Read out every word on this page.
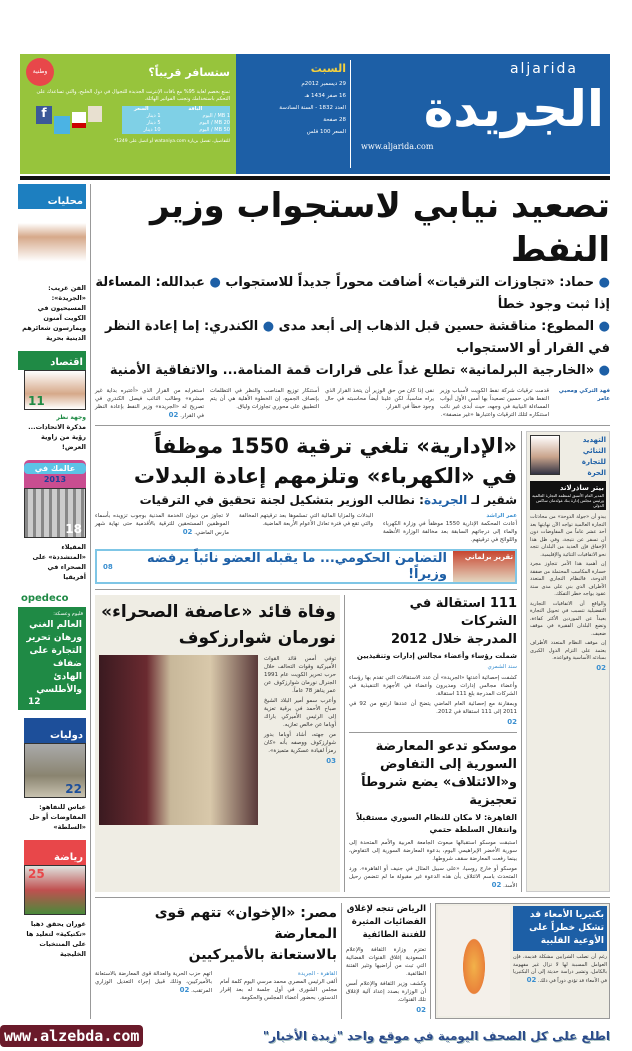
ستسافر قريباً؟
وطنية
تمتع بخصم لغاية 95% مع باقات الإنترنت الجديدة للتجوال في دول الخليج، والتي تساعدك على التحكم باستخدامك وتجنب الفواتير الهائلة.
الباقة	السعر
1 MB / اليوم	1 دينار
20 MB / اليوم	5 دينار
50 MB / اليوم	10 دينار
f
للتفاصيل، تفضل بزيارة wataniya.com أو اتصل على 1249*
السبت
29 ديسمبر 2012م
16 صفر 1434 هـ
العدد 1832 - السنة السادسة
28 صفحة
السعر 100 فلس
aljarida
الجريدة
www.aljarida.com
تصعيد نيابي لاستجواب وزير النفط
● حماد: «تجاوزات الترقيات» أضافت محوراً جديداً للاستجواب ● عبدالله: المساءلة إذا ثبت وجود خطأ
● المطوع: مناقشة حسين قبل الذهاب إلى أبعد مدى ● الكندري: إما إعادة النظر في القرار أو الاستجواب
● «الخارجية البرلمانية» تطلع غداً على قرارات قمة المنامة... والاتفاقية الأمنية
فهد التركي ومحيي عامر
قدمت ترقيات شركة نفط الكويت لأسباب وزير النفط هاني حسين تصعيداً بها أمس الأول أبواب المساءلة النيابية في وجهه، حيث أبدى غير نائب استنكاره لتلك الترقيات واعتبارها «غير منصفة».
نفى إذا كان من حق الوزير أن يتخذ القرار الذي يراه مناسباً، لكن علينا أيضاً محاسبته في حال وجود خطأ في القرار.
أستنكار توزيع المناصب والنظر في التظلمات بإنصاف الجميع، إن الخطوة الأهلية هي أن يتم التطبيق على محوري تجاوزات ولياق.
استغرابه من القرار الذي «أعتبره بداية غير مبشرة» وطالب النائب فيصل الكندري في تصريح له «الجريدة» وزير النفط بإعادة النظر في القرار. 02
التهديد الثنائي
للتجارة الحرة
بيتر ساذرلاند
المدير العام الأسبق لمنظمة التجارة العالمية ورئيس مجلس إدارة بنك غولدمان ساكس الدولي

يبدو أن «جولة الدوحة» من محادثات التجارة العالمية تواجه الآن نهايتها بعد أحد عشر عاماً من المفاوضات دون أن تسفر عن نتيجة، وفي ظل هذا الإخفاق فإن العديد من البلدان تتجه نحو الاتفاقيات الثنائية والإقليمية.

إن أهمية هذا الأمر تتجاوز مجرد خسارة المكاسب المحتملة من صفقة الدوحة، فالنظام التجاري المتعدد الأطراف الذي بني على مدى ستة عقود يواجه خطر التفكك.

والواقع أن الاتفاقيات التجارية التفضيلية تتسبب في تحويل التجارة بعيداً عن الموردين الأكثر كفاءة، وتضع البلدان الفقيرة في موقف ضعيف.

إن موقف النظام المتعدد الأطراف يعتمد على التزام الدول الكبرى بمبادئه الأساسية وقواعده.

02
«الإدارية» تلغي ترقية 1550 موظفاً
في «الكهرباء» وتلزمهم إعادة البدلات
شقير لـ الجريدة: نطالب الوزير بتشكيل لجنة تحقيق في الترقيات
عمر الراشد
أعادت المحكمة الإدارية 1550 موظفاً في وزارة الكهرباء والماء إلى درجاتهم السابقة بعد مخالفة الوزارة الأنظمة واللوائح في ترقيتهم.
البدلات والمزايا المالية التي تسلموها بعد ترقيتهم المخالفة والتي تقع في فترة تعادل الأعوام الأربعة الماضية.
لا تجاوز من ديوان الخدمة المدنية بوجوب تزويده بأسماء الموظفين المستحقين للترقية بالأقدمية حتى نهاية شهر مارس الماضي. 02
تقرير برلماني
التضامن الحكومي... ما يقبله العضو نائباً يرفضه وزيراً!
08
111 استقالة في الشركات
المدرجة خلال 2012
شملت رؤساء وأعضاء مجالس إدارات وتنفيذيين
سند الشمري

كشفت إحصائية أعدتها «الجريدة» أن عدد الاستقالات التي تقدم بها رؤساء وأعضاء مجالس إدارات ومديرون وأعضاء في الأجهزة التنفيذية في الشركات المدرجة بلغ 111 استقالة.

وبمقارنة مع إحصائية العام الماضي يتضح أن عددها ارتفع من 92 في 2011 إلى 111 استقالة في 2012.

02
موسكو تدعو المعارضة السورية إلى التفاوض
و«الائتلاف» يضع شروطاً تعجيزية
القاهرة: لا مكان للنظام السوري مستقبلاً وانتقال السلطة حتمي

استبقت موسكو استقبالها مبعوث الجامعة العربية والأمم المتحدة إلى سورية الأخضر الإبراهيمي اليوم، بدعوة المعارضة السورية إلى التفاوض، بينما رفعت المعارضة سقف شروطها.

موسكو أو خارج روسيا، «على سبيل المثال في جنيف أو القاهرة». ورد المتحدث باسم الائتلاف بأن هذه الدعوة غير مقبولة ما لم تتضمن رحيل الأسد. 02

وفاة قائد «عاصفة الصحراء»
نورمان شوارزكوف

توفي أمس قائد القوات الأميركية وقوات التحالف خلال حرب تحرير الكويت عام 1991 الجنرال نورمان شوارزكوف عن عمر يناهز 78 عاماً.

وأعرب سمو أمير البلاد الشيخ صباح الأحمد في برقية تعزية إلى الرئيس الأميركي باراك أوباما عن خالص تعازيه.

من جهته، أشاد أوباما بدور شوارزكوف ووصفه بأنه «كان رمزاً لقيادة عسكرية متميزة».

03
بكتيريا الأمعاء قد تشكل خطراً على الأوعية القلبية
رغم أن تصلب الشرايين مشكلة قديمة، فإن العوامل المسببة لها لا تزال غير مفهومة بالكامل، وتشير دراسة حديثة إلى أن البكتيريا في الأمعاء قد تؤدي دوراً في ذلك. 02
الرياض تتجه لإغلاق الفضائيات المثيرة للفتنة الطائفية

تعتزم وزارة الثقافة والإعلام السعودية إغلاق القنوات الفضائية التي تبث من أراضيها وتثير الفتنة الطائفية.

وكشف وزير الثقافة والإعلام أمس أن الوزارة بصدد إعداد آلية لإغلاق تلك القنوات.

02
مصر: «الإخوان» تتهم قوى المعارضة
بالاستعانة بالأميركيين
القاهرة - الجريدة
ألقى الرئيس المصري محمد مرسي اليوم كلمة أمام مجلس الشورى في أول جلسة له بعد إقرار الدستور، بحضور أعضاء المجلس والحكومة.
اتهم حزب الحرية والعدالة قوى المعارضة بالاستعانة بالأميركيين، وذلك قبيل إجراء التعديل الوزاري المرتقب. 02
محليات
الفن غريب: «الجريدة»: المسيحيون في الكويت آمنون ويمارسون شعائرهم الدينية بحرية
اقتصاد
11
وجهة نظر
مذكرة الاتحادات... رؤية من زاوية العرض!
عالمك في
2013
18
المقيلاء «المتشددة» على الصحراء في أفريقيا
opedeco
قليوم وعسكة:
العالم الغني ورهان تحرير التجارة على ضفاف الهادئ والأطلسي
12
دوليات
22
عباس للنفاهو: المفاوضات أو حل «السلطة»
رياضة
25
غوران يحقق ذهبا «تكتيكية» لتعليد ها على المنتخبات الخليجية
اطلع على كل الصحف اليومية في موقع واحد "زبدة الأخبار"
www.alzebda.com
